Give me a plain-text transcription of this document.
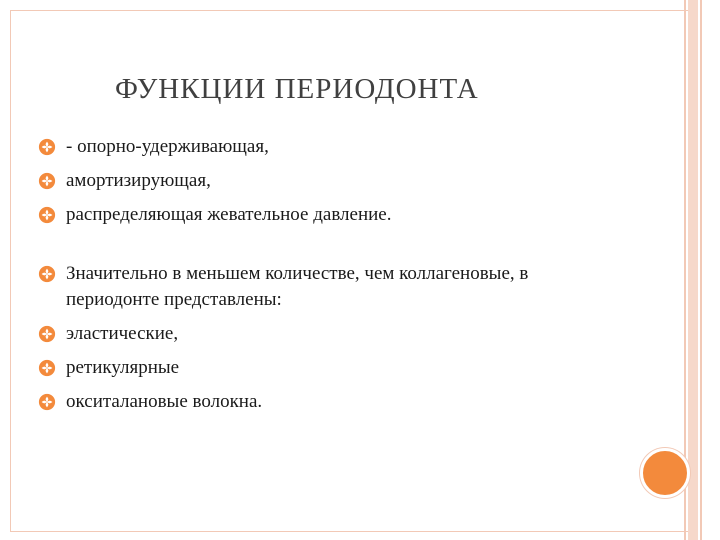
ФУНКЦИИ ПЕРИОДОНТА
- опорно-удерживающая,
амортизирующая,
распределяющая жевательное давление.
Значительно в меньшем количестве, чем коллагеновые, в периодонте представлены:
эластические,
ретикулярные
окситалановые волокна.
